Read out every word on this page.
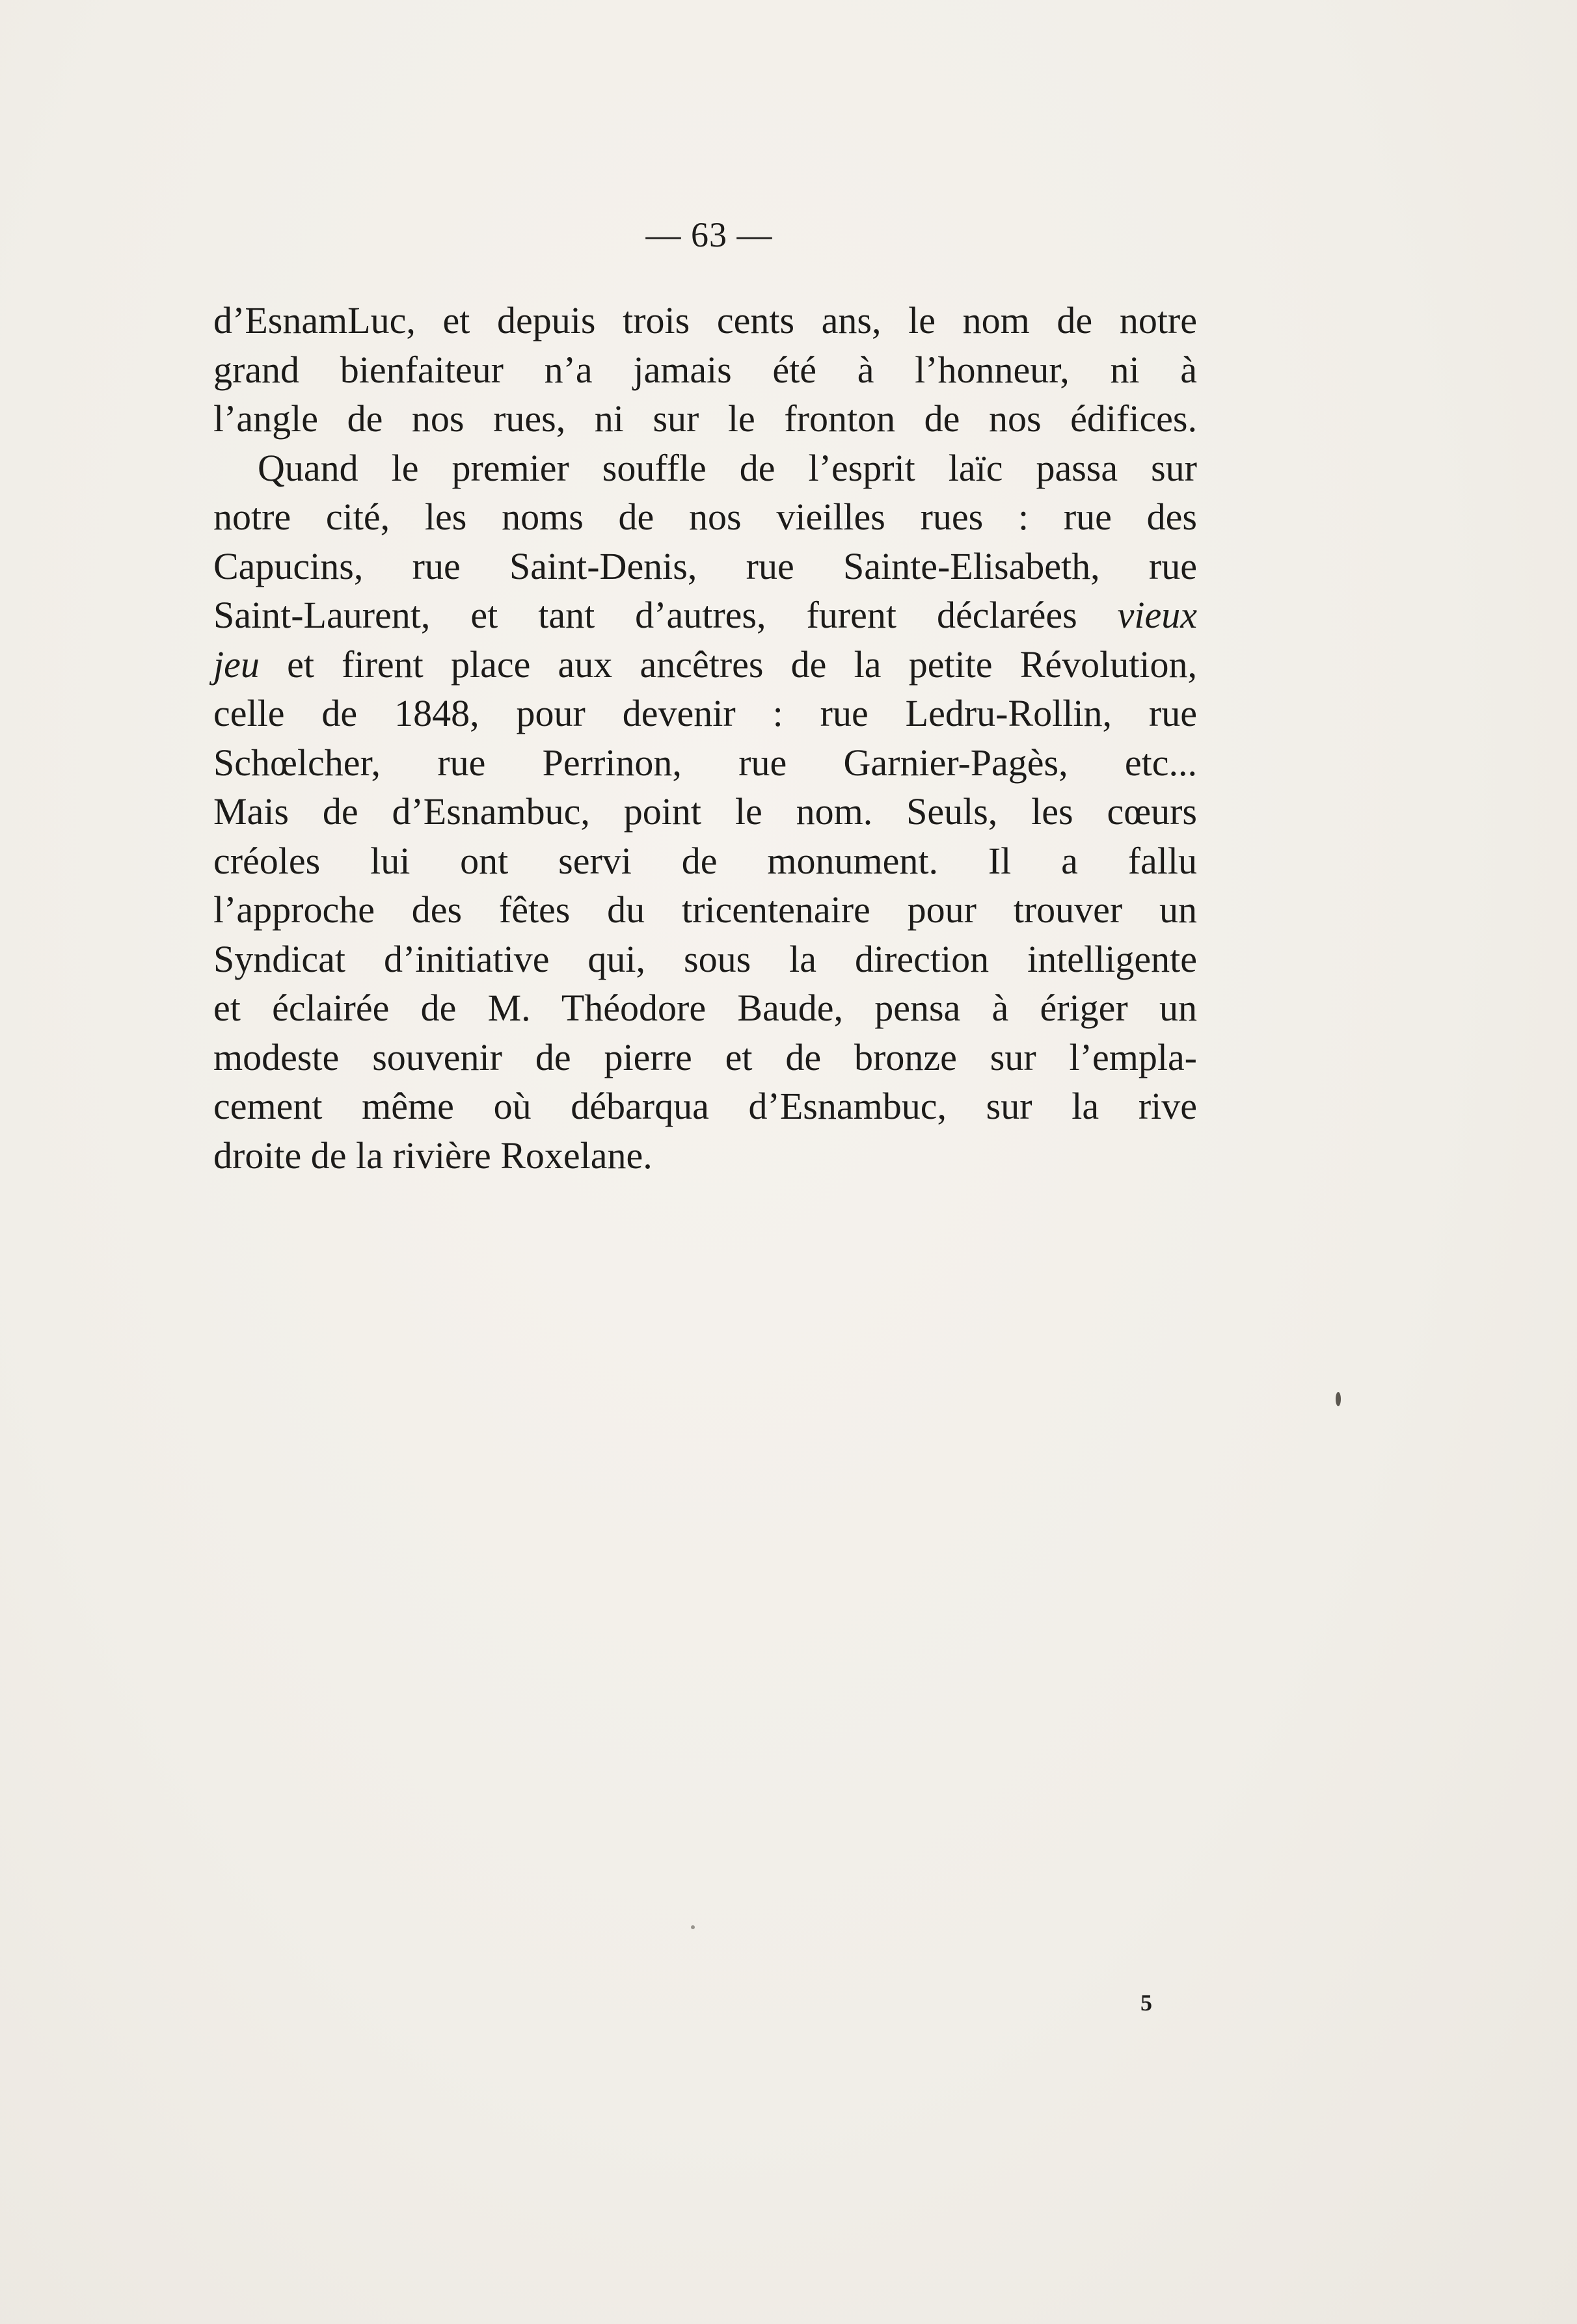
— 63 —
d’EsnamLuc, et depuis trois cents ans, le nom de notre
grand bienfaiteur n’a jamais été à l’honneur, ni à
l’angle de nos rues, ni sur le fronton de nos édifices.
Quand le premier souffle de l’esprit laïc passa sur
notre cité, les noms de nos vieilles rues : rue des
Capucins, rue Saint-Denis, rue Sainte-Elisabeth, rue
Saint-Laurent, et tant d’autres, furent déclarées vieux
jeu et firent place aux ancêtres de la petite Révolution,
celle de 1848, pour devenir : rue Ledru-Rollin, rue
Schœlcher, rue Perrinon, rue Garnier-Pagès, etc...
Mais de d’Esnambuc, point le nom. Seuls, les cœurs
créoles lui ont servi de monument. Il a fallu
l’approche des fêtes du tricentenaire pour trouver un
Syndicat d’initiative qui, sous la direction intelligente
et éclairée de M. Théodore Baude, pensa à ériger un
modeste souvenir de pierre et de bronze sur l’empla-
cement même où débarqua d’Esnambuc, sur la rive
droite de la rivière Roxelane.
5
